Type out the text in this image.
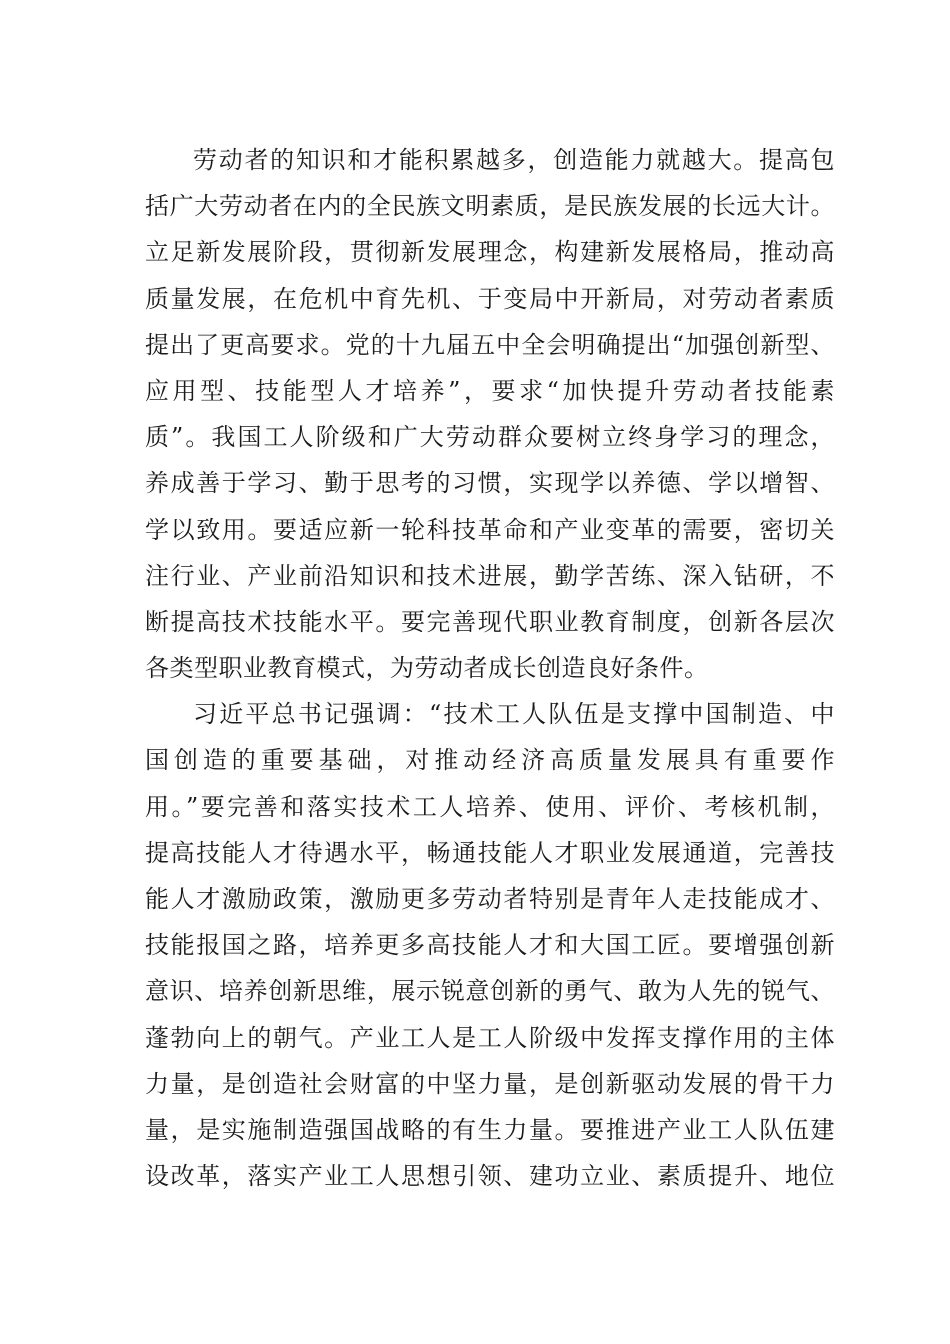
劳动者的知识和才能积累越多，创造能力就越大。提高包
括广大劳动者在内的全民族文明素质，是民族发展的长远大计。
立足新发展阶段，贯彻新发展理念，构建新发展格局，推动高
质量发展，在危机中育先机、于变局中开新局，对劳动者素质
提出了更高要求。党的十九届五中全会明确提出“加强创新型、
应用型、技能型人才培养”，要求“加快提升劳动者技能素
质”。我国工人阶级和广大劳动群众要树立终身学习的理念，
养成善于学习、勤于思考的习惯，实现学以养德、学以增智、
学以致用。要适应新一轮科技革命和产业变革的需要，密切关
注行业、产业前沿知识和技术进展，勤学苦练、深入钻研，不
断提高技术技能水平。要完善现代职业教育制度，创新各层次
各类型职业教育模式，为劳动者成长创造良好条件。
习近平总书记强调：“技术工人队伍是支撑中国制造、中
国创造的重要基础，对推动经济高质量发展具有重要作
用。”要完善和落实技术工人培养、使用、评价、考核机制，
提高技能人才待遇水平，畅通技能人才职业发展通道，完善技
能人才激励政策，激励更多劳动者特别是青年人走技能成才、
技能报国之路，培养更多高技能人才和大国工匠。要增强创新
意识、培养创新思维，展示锐意创新的勇气、敢为人先的锐气、
蓬勃向上的朝气。产业工人是工人阶级中发挥支撑作用的主体
力量，是创造社会财富的中坚力量，是创新驱动发展的骨干力
量，是实施制造强国战略的有生力量。要推进产业工人队伍建
设改革，落实产业工人思想引领、建功立业、素质提升、地位
